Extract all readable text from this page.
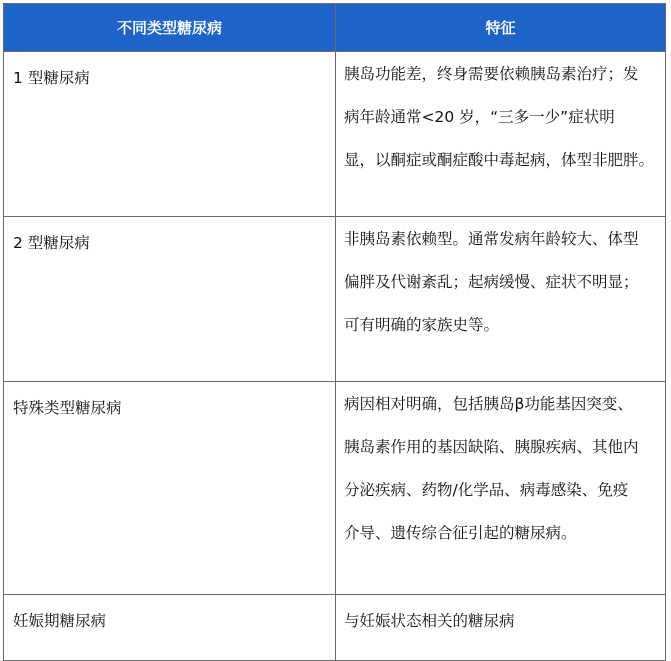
不同类型糖尿病	特征
1 型糖尿病	胰岛功能差，终身需要依赖胰岛素治疗；发
病年龄通常<20 岁，“三多一少”症状明
显，以酮症或酮症酸中毒起病，体型非肥胖。

2 型糖尿病	非胰岛素依赖型。通常发病年龄较大、体型
偏胖及代谢紊乱；起病缓慢、症状不明显；
可有明确的家族史等。

特殊类型糖尿病	病因相对明确，包括胰岛β功能基因突变、
胰岛素作用的基因缺陷、胰腺疾病、其他内
分泌疾病、药物/化学品、病毒感染、免疫
介导、遗传综合征引起的糖尿病。

妊娠期糖尿病	与妊娠状态相关的糖尿病
